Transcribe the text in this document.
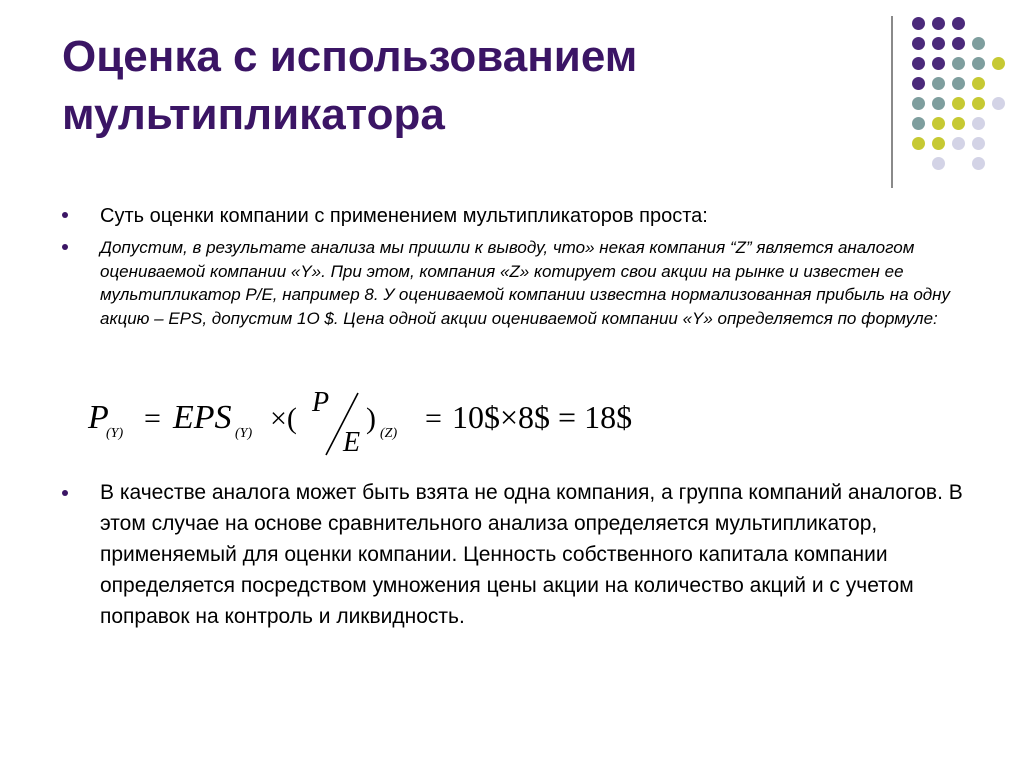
Оценка с использованием мультипликатора

Суть оценки компании с применением мультипликаторов проста:

Допустим, в результате анализа мы пришли к выводу, что» некая компания “Z” является аналогом оцениваемой компании «Y». При этом, компания «Z» котирует свои акции на рынке и известен ее мультипликатор P/E, например 8. У оцениваемой компании известна нормализованная прибыль на одну акцию – EPS, допустим 1О $. Цена одной акции оцениваемой компании «Y» определяется по формуле:

P
(Y) = EPS (Y) ×( P
E
) (Z) = 10$×8$ = 18$

В качестве аналога может быть взята не одна компания, а группа компаний аналогов. В этом случае на основе сравнительного анализа определяется мультипликатор, применяемый для оценки компании. Ценность собственного капитала компании определяется посредством умножения цены акции на количество акций и с учетом поправок на контроль и ликвидность.
